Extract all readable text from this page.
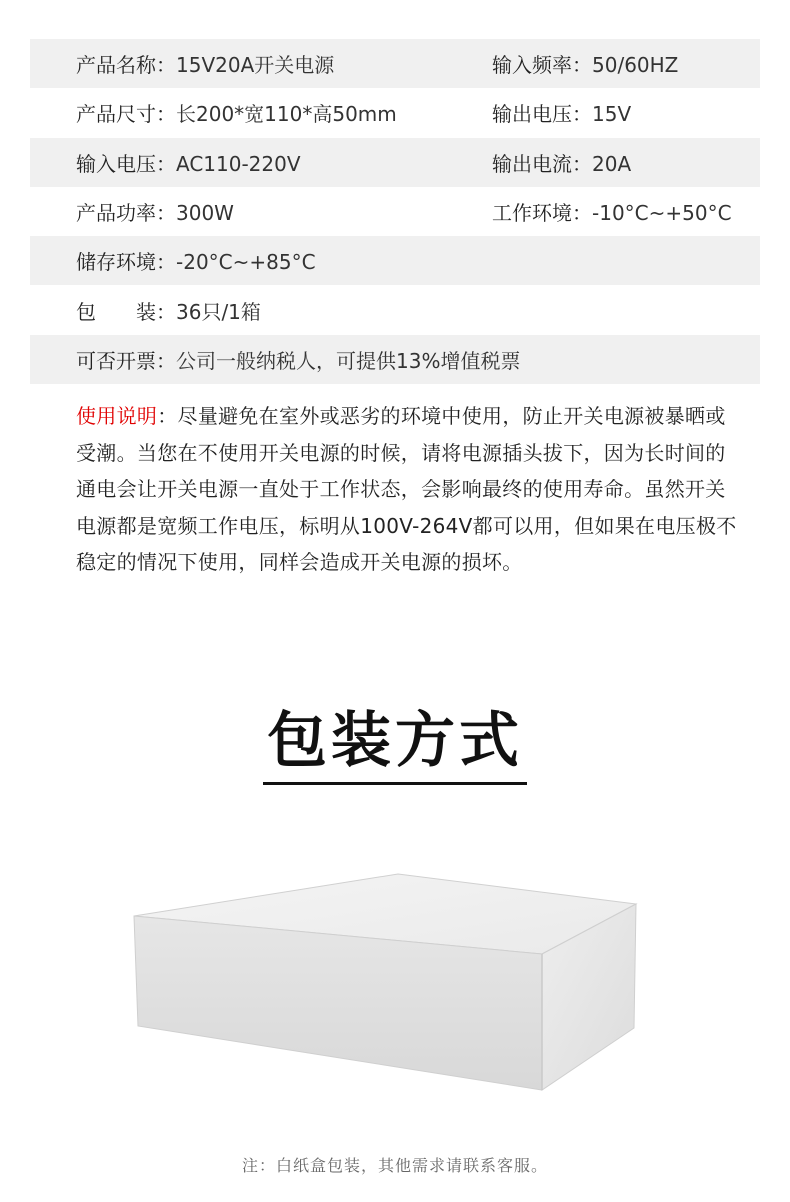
产品名称：15V20A开关电源	输入频率：50/60HZ
产品尺寸：长200*宽110*高50mm	输出电压：15V
输入电压：AC110-220V	输出电流：20A
产品功率：300W	工作环境：-10°C~+50°C
储存环境：-20°C~+85°C
包　　装：36只/1箱
可否开票：公司一般纳税人，可提供13%增值税票
使用说明：尽量避免在室外或恶劣的环境中使用，防止开关电源被暴晒或受潮。当您在不使用开关电源的时候，请将电源插头拔下，因为长时间的通电会让开关电源一直处于工作状态，会影响最终的使用寿命。虽然开关电源都是宽频工作电压，标明从100V-264V都可以用，但如果在电压极不稳定的情况下使用，同样会造成开关电源的损坏。
包装方式
注：白纸盒包装，其他需求请联系客服。
